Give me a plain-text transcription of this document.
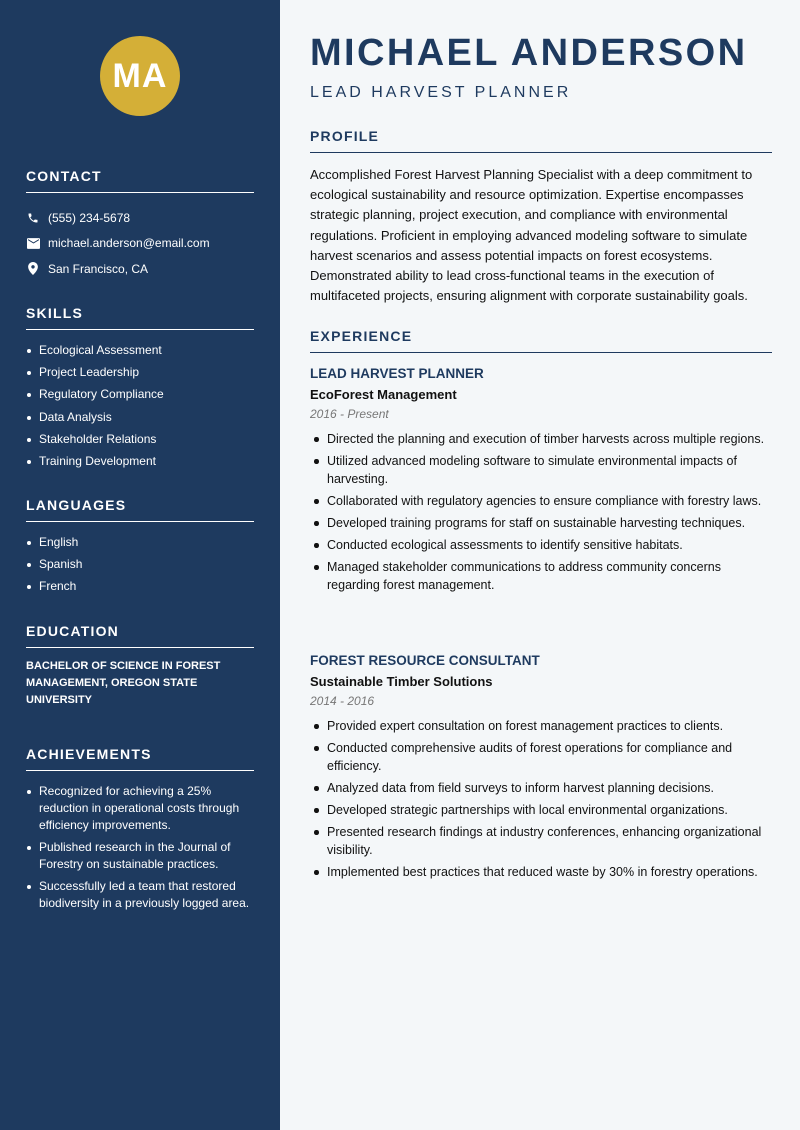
MA
CONTACT
(555) 234-5678
michael.anderson@email.com
San Francisco, CA
SKILLS
Ecological Assessment
Project Leadership
Regulatory Compliance
Data Analysis
Stakeholder Relations
Training Development
LANGUAGES
English
Spanish
French
EDUCATION

BACHELOR OF SCIENCE IN FOREST MANAGEMENT, OREGON STATE UNIVERSITY

ACHIEVEMENTS
Recognized for achieving a 25% reduction in operational costs through efficiency improvements.
Published research in the Journal of Forestry on sustainable practices.
Successfully led a team that restored biodiversity in a previously logged area.
MICHAEL ANDERSON
LEAD HARVEST PLANNER
PROFILE

Accomplished Forest Harvest Planning Specialist with a deep commitment to ecological sustainability and resource optimization. Expertise encompasses strategic planning, project execution, and compliance with environmental regulations. Proficient in employing advanced modeling software to simulate harvest scenarios and assess potential impacts on forest ecosystems. Demonstrated ability to lead cross-functional teams in the execution of multifaceted projects, ensuring alignment with corporate sustainability goals.

EXPERIENCE
LEAD HARVEST PLANNER
EcoForest Management
2016 - Present
Directed the planning and execution of timber harvests across multiple regions.
Utilized advanced modeling software to simulate environmental impacts of harvesting.
Collaborated with regulatory agencies to ensure compliance with forestry laws.
Developed training programs for staff on sustainable harvesting techniques.
Conducted ecological assessments to identify sensitive habitats.
Managed stakeholder communications to address community concerns regarding forest management.
FOREST RESOURCE CONSULTANT
Sustainable Timber Solutions
2014 - 2016
Provided expert consultation on forest management practices to clients.
Conducted comprehensive audits of forest operations for compliance and efficiency.
Analyzed data from field surveys to inform harvest planning decisions.
Developed strategic partnerships with local environmental organizations.
Presented research findings at industry conferences, enhancing organizational visibility.
Implemented best practices that reduced waste by 30% in forestry operations.
